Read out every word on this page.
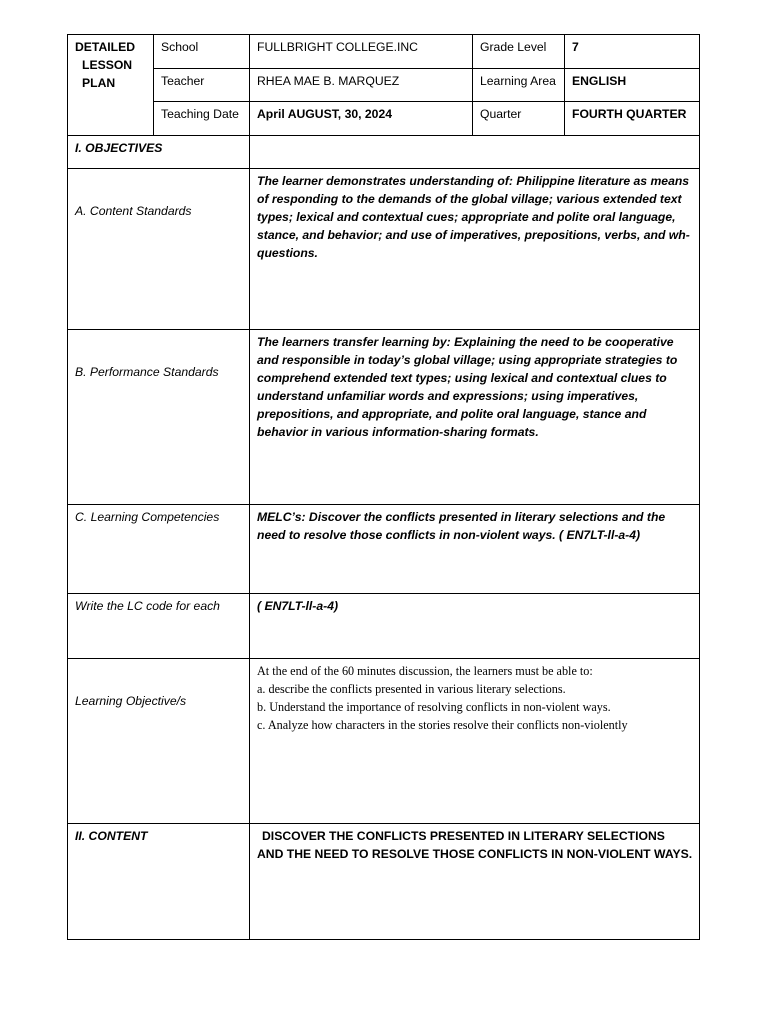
DETAILED
LESSON
PLAN	School	FULLBRIGHT COLLEGE.INC	Grade Level	7
	Teacher	RHEA MAE B. MARQUEZ	Learning Area	ENGLISH
	Teaching Date	April AUGUST, 30, 2024	Quarter	FOURTH QUARTER
I. OBJECTIVES				
A. Content Standards		The learner demonstrates understanding of: Philippine literature as means of responding to the demands of the global village; various extended text types; lexical and contextual cues; appropriate and polite oral language, stance, and behavior; and use of imperatives, prepositions, verbs, and wh-questions.		
B. Performance Standards		The learners transfer learning by: Explaining the need to be cooperative and responsible in today’s global village; using appropriate strategies to comprehend extended text types; using lexical and contextual clues to understand unfamiliar words and expressions; using imperatives, prepositions, and appropriate, and polite oral language, stance and behavior in various information-sharing formats.		
C. Learning Competencies		MELC’s: Discover the conflicts presented in literary selections and the need to resolve those conflicts in non-violent ways. ( EN7LT-ll-a-4)		
Write the LC code for each		( EN7LT-ll-a-4)		
Learning Objective/s		At the end of the 60 minutes discussion, the learners must be able to:
a. describe the conflicts presented in various literary selections.
b. Understand the importance of resolving conflicts in non-violent ways.
c. Analyze how characters in the stories resolve their conflicts non-violently		

II. CONTENT		DISCOVER THE CONFLICTS PRESENTED IN LITERARY SELECTIONS AND THE NEED TO RESOLVE THOSE CONFLICTS IN NON-VIOLENT WAYS.		
